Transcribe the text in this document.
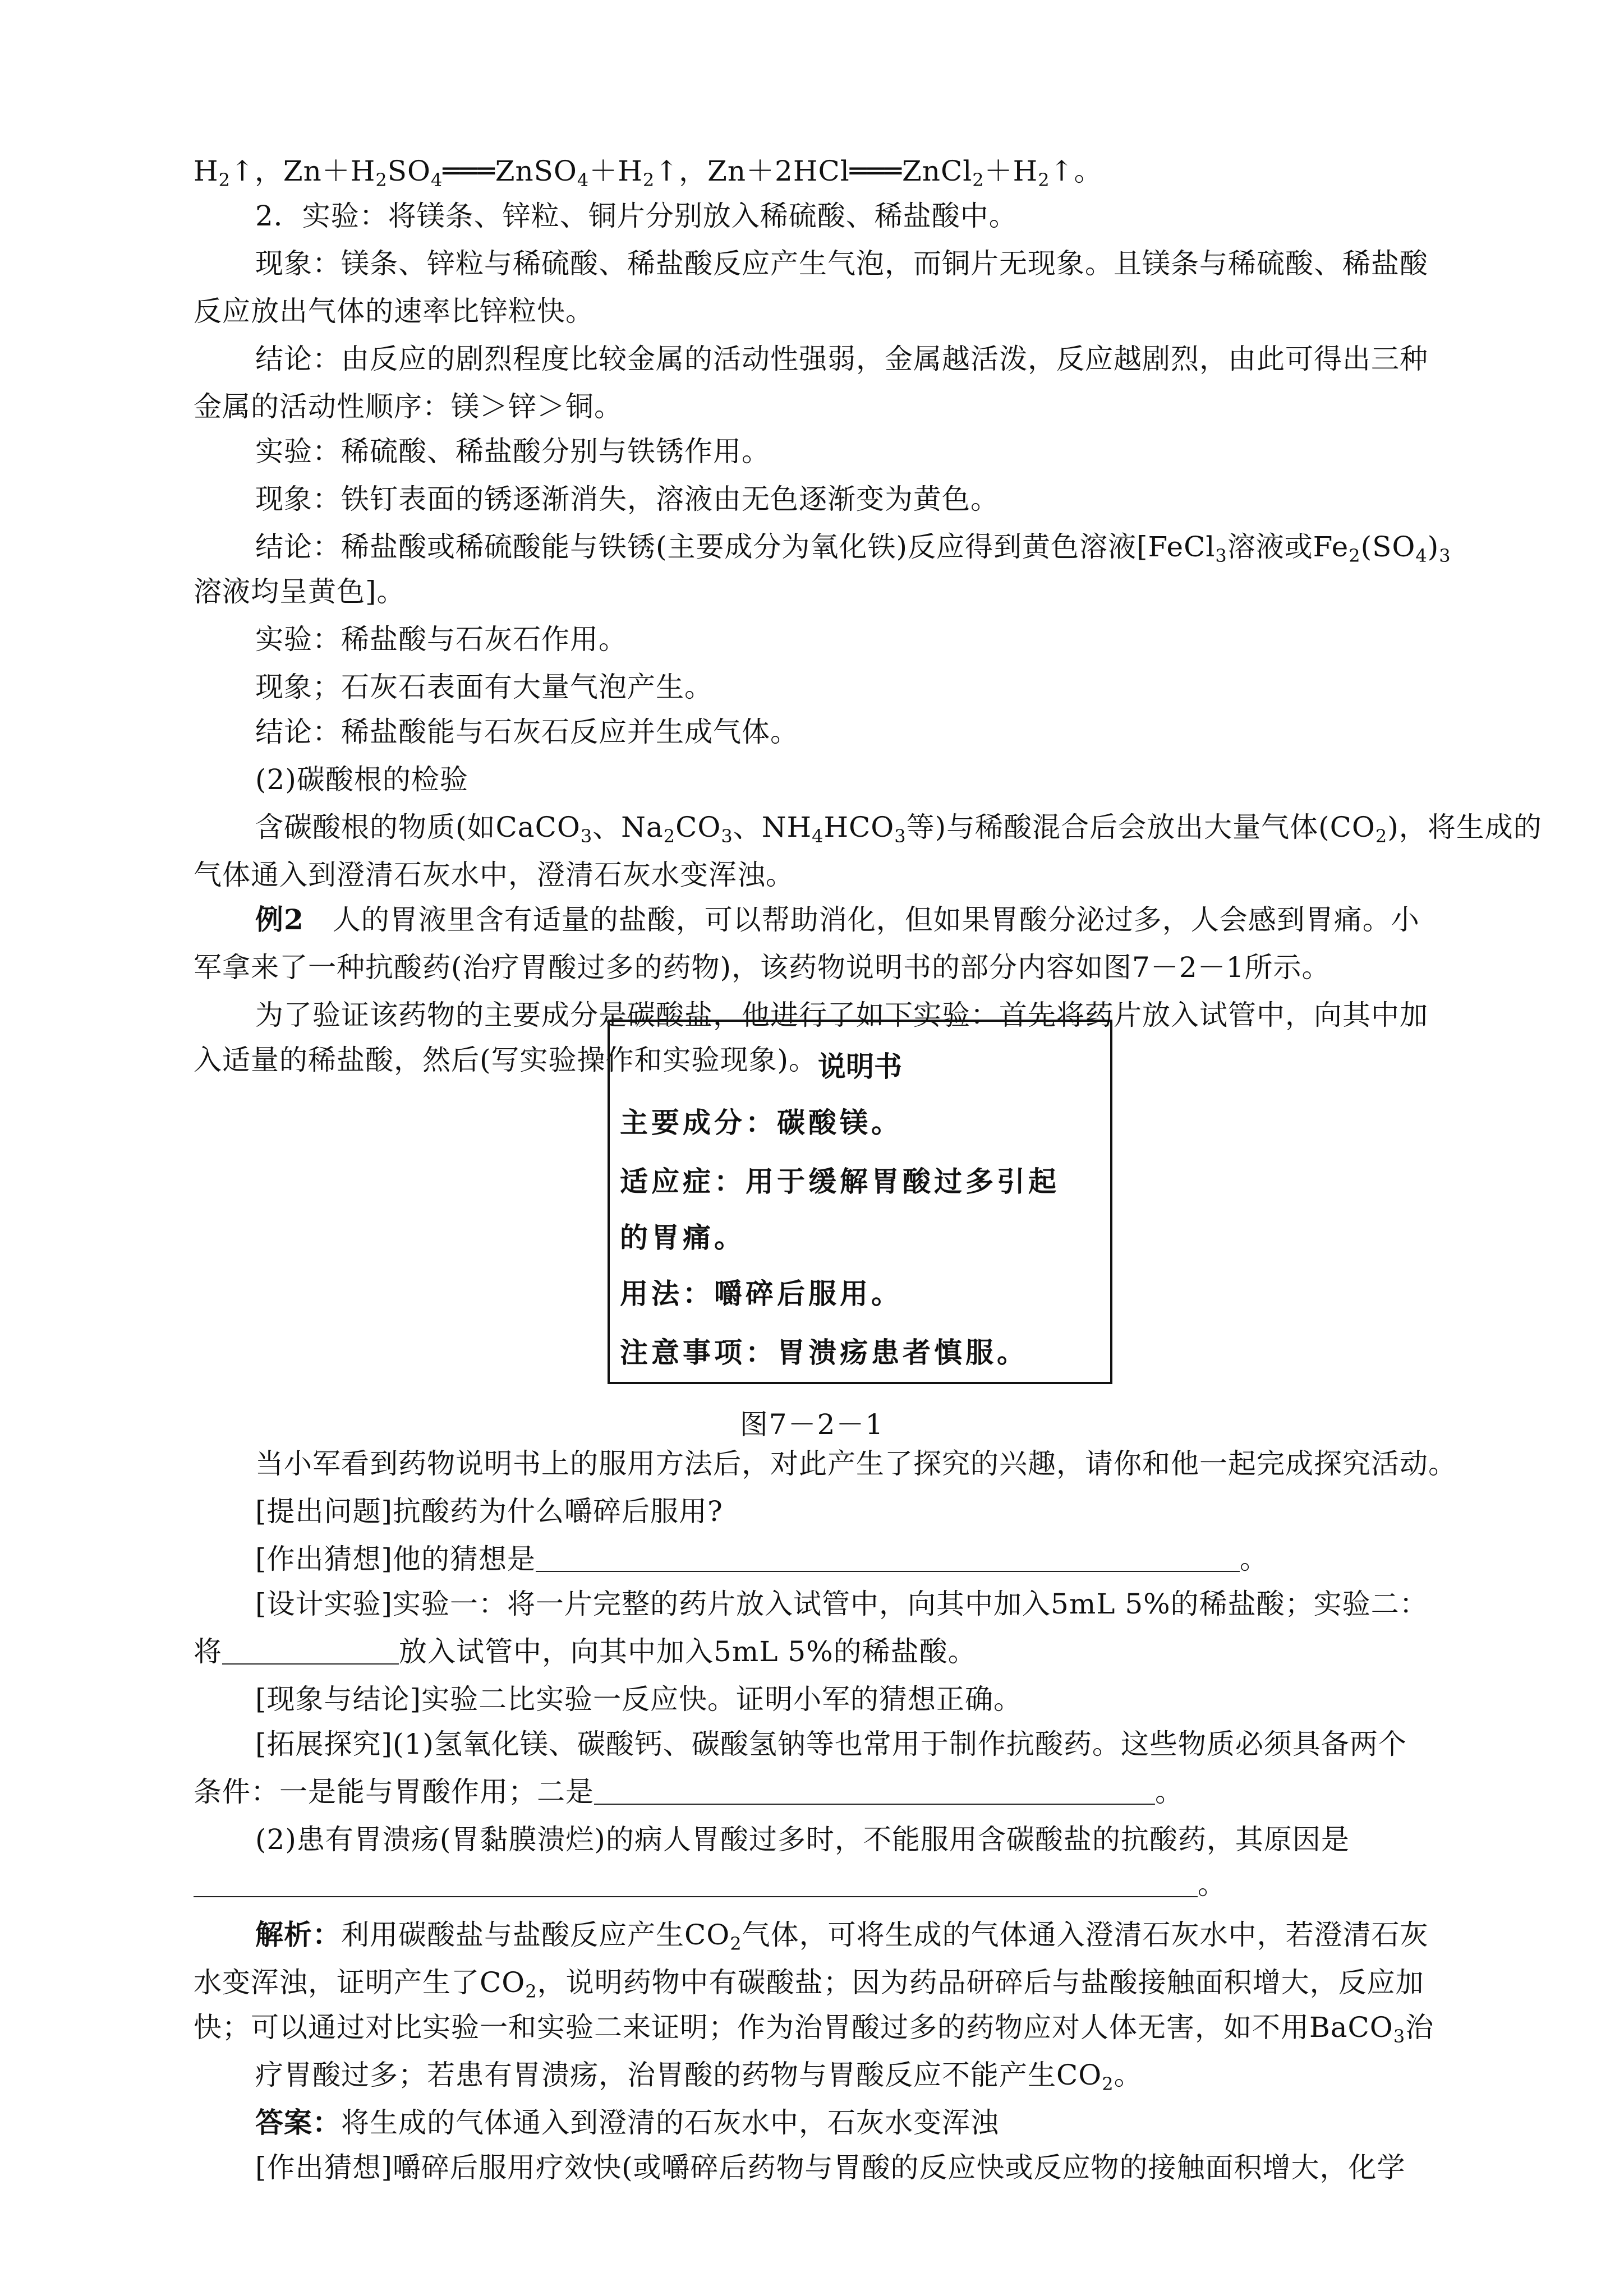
$H_2↑$，$Zn+H_2SO_4═══ZnSO_4+H_2↑$，$Zn+2HCl═══ZnCl_2+H_2↑$。
2．实验：将镁条、锌粒、铜片分别放入稀硫酸、稀盐酸中。
现象：镁条、锌粒与稀硫酸、稀盐酸反应产生气泡，而铜片无现象。且镁条与稀硫酸、稀盐酸
反应放出气体的速率比锌粒快。
结论：由反应的剧烈程度比较金属的活动性强弱，金属越活泼，反应越剧烈，由此可得出三种
金属的活动性顺序：镁＞锌＞铜。
实验：稀硫酸、稀盐酸分别与铁锈作用。
现象：铁钉表面的锈逐渐消失，溶液由无色逐渐变为黄色。
结论：稀盐酸或稀硫酸能与铁锈(主要成分为氧化铁)反应得到黄色溶液[FeCl$_3$溶液或$Fe_2(SO_4)_3$
溶液均呈黄色]。
实验：稀盐酸与石灰石作用。
现象；石灰石表面有大量气泡产生。
结论：稀盐酸能与石灰石反应并生成气体。
(2)碳酸根的检验
含碳酸根的物质(如CaCO$_3$、$Na_2CO_3$、$NH_4HCO_3$等)与稀酸混合后会放出大量气体$(CO_2)$，将生成的
气体通入到澄清石灰水中，澄清石灰水变浑浊。
例2　人的胃液里含有适量的盐酸，可以帮助消化，但如果胃酸分泌过多，人会感到胃痛。小
军拿来了一种抗酸药(治疗胃酸过多的药物)，该药物说明书的部分内容如图7－2－1所示。
为了验证该药物的主要成分是碳酸盐，他进行了如下实验：首先将药片放入试管中，向其中加
入适量的稀盐酸，然后(写实验操作和实验现象)。
当小军看到药物说明书上的服用方法后，对此产生了探究的兴趣，请你和他一起完成探究活动。
[提出问题]抗酸药为什么嚼碎后服用?
[作出猜想]他的猜想是	。
[设计实验]实验一：将一片完整的药片放入试管中，向其中加入5mL 5%的稀盐酸；实验二：
将	放入试管中，向其中加入5mL 5%的稀盐酸。
[现象与结论]实验二比实验一反应快。证明小军的猜想正确。
[拓展探究](1)氢氧化镁、碳酸钙、碳酸氢钠等也常用于制作抗酸药。这些物质必须具备两个
条件：一是能与胃酸作用；二是	。
(2)患有胃溃疡(胃黏膜溃烂)的病人胃酸过多时，不能服用含碳酸盐的抗酸药，其原因是
。
解析：利用碳酸盐与盐酸反应产生$CO_2$气体，可将生成的气体通入澄清石灰水中，若澄清石灰
水变浑浊，证明产生了$CO_2$，说明药物中有碳酸盐；因为药品研碎后与盐酸接触面积增大，反应加
快；可以通过对比实验一和实验二来证明；作为治胃酸过多的药物应对人体无害，如不用BaCO$_3$治
疗胃酸过多；若患有胃溃疡，治胃酸的药物与胃酸反应不能产生$CO_2$。
答案：将生成的气体通入到澄清的石灰水中，石灰水变浑浊
[作出猜想]嚼碎后服用疗效快(或嚼碎后药物与胃酸的反应快或反应物的接触面积增大，化学
说明书
主要成分：碳酸镁。
适应症：用于缓解胃酸过多引起
的胃痛。
用法：嚼碎后服用。
注意事项：胃溃疡患者慎服。
图7－2－1
